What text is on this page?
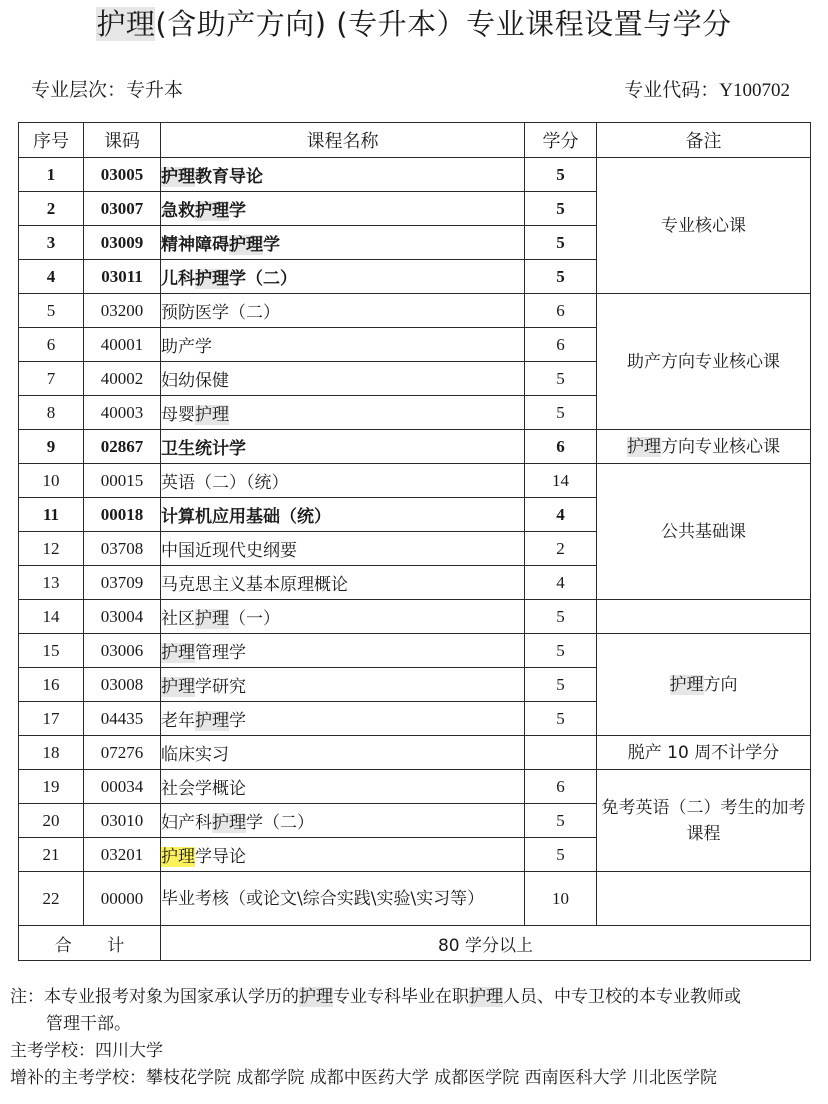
护理(含助产方向) (专升本）专业课程设置与学分
专业层次：专升本	专业代码：Y100702
序号	课码	课程名称	学分	备注
1	03005	护理教育导论	5	专业核心课
2	03007	急救护理学	5	
3	03009	精神障碍护理学	5	
4	03011	儿科护理学（二）	5	
5	03200	预防医学（二）	6	助产方向专业核心课
6	40001	助产学	6	
7	40002	妇幼保健	5	
8	40003	母婴护理	5	
9	02867	卫生统计学	6	护理方向专业核心课
10	00015	英语（二）（统）	14	公共基础课
11	00018	计算机应用基础（统）	4	
12	03708	中国近现代史纲要	2	
13	03709	马克思主义基本原理概论	4	
14	03004	社区护理（一）	5	
15	03006	护理管理学	5	护理方向
16	03008	护理学研究	5	
17	04435	老年护理学	5	
18	07276	临床实习		脱产 10 周不计学分
19	00034	社会学概论	6	免考英语（二）考生的加考课程
20	03010	妇产科护理学（二）	5	
21	03201	护理学导论	5	
22	00000	毕业考核（或论文\综合实践\实验\实习等）	10	

合 计		80 学分以上		

注：本专业报考对象为国家承认学历的护理专业专科毕业在职护理人员、中专卫校的本专业教师或

管理干部。

主考学校：四川大学

增补的主考学校：攀枝花学院 成都学院 成都中医药大学 成都医学院 西南医科大学 川北医学院
